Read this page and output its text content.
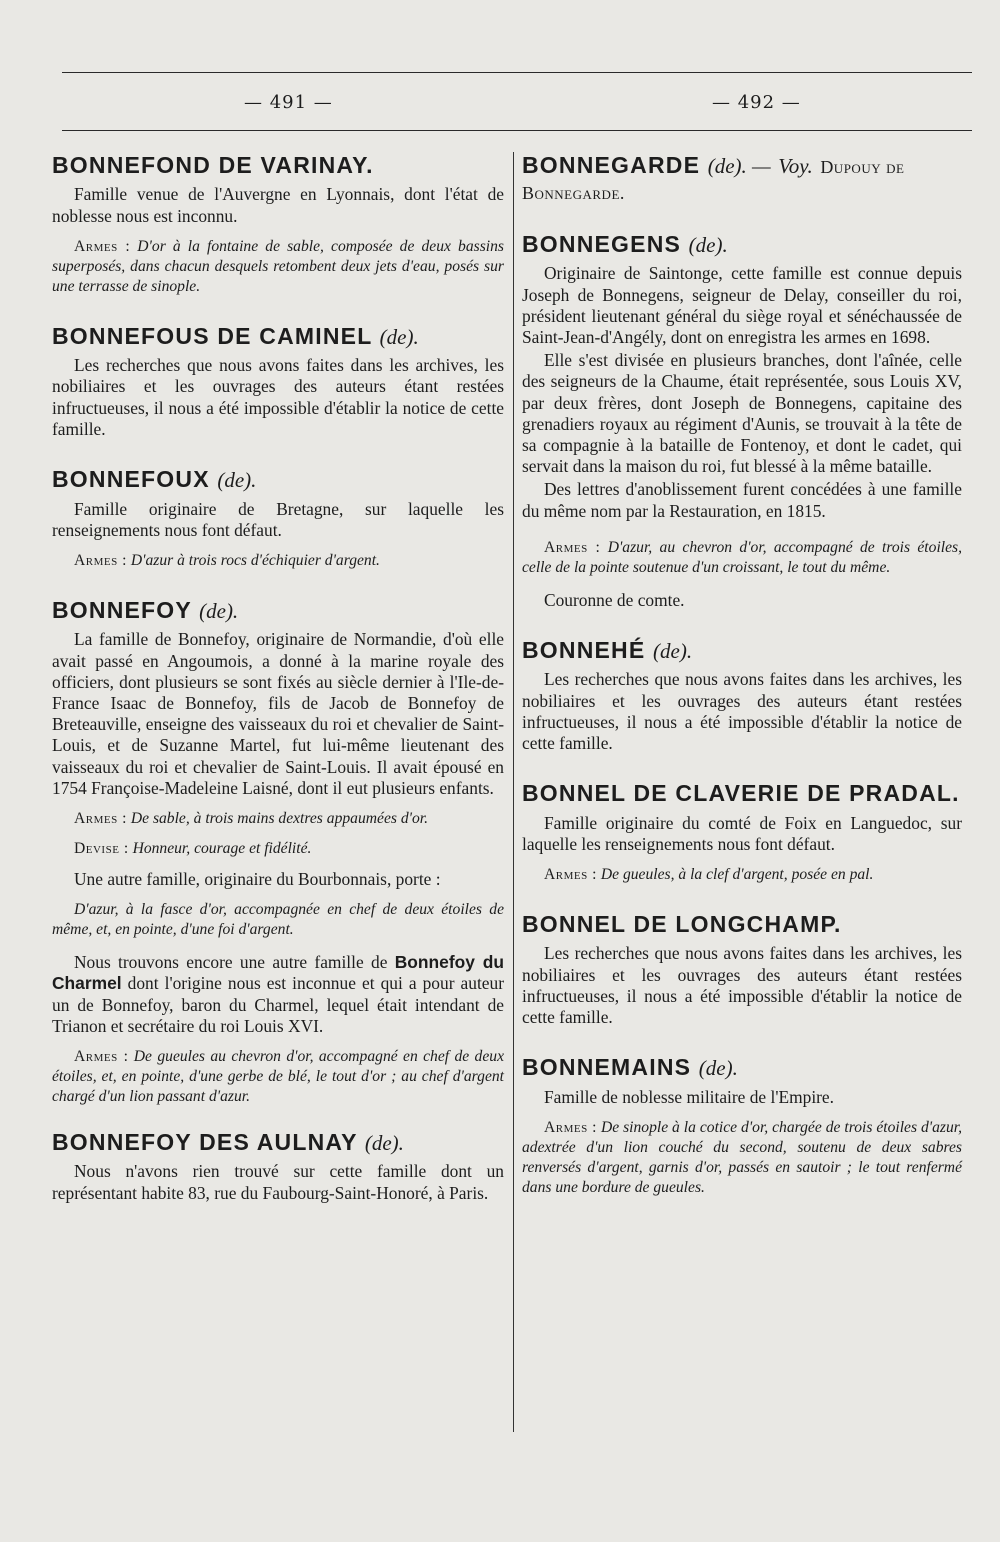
— 491 —	— 492 —
BONNEFOND DE VARINAY.
Famille venue de l'Auvergne en Lyonnais, dont l'état de noblesse nous est inconnu.
Armes : D'or à la fontaine de sable, composée de deux bassins superposés, dans chacun desquels retombent deux jets d'eau, posés sur une terrasse de sinople.
BONNEFOUS DE CAMINEL (de).
Les recherches que nous avons faites dans les archives, les nobiliaires et les ouvrages des auteurs étant restées infructueuses, il nous a été impossible d'établir la notice de cette famille.
BONNEFOUX (de).
Famille originaire de Bretagne, sur laquelle les renseignements nous font défaut.
Armes : D'azur à trois rocs d'échiquier d'argent.
BONNEFOY (de).
La famille de Bonnefoy, originaire de Normandie, d'où elle avait passé en Angoumois, a donné à la marine royale des officiers, dont plusieurs se sont fixés au siècle dernier à l'Ile-de-France Isaac de Bonnefoy, fils de Jacob de Bonnefoy de Breteauville, enseigne des vaisseaux du roi et chevalier de Saint-Louis, et de Suzanne Martel, fut lui-même lieutenant des vaisseaux du roi et chevalier de Saint-Louis. Il avait épousé en 1754 Françoise-Madeleine Laisné, dont il eut plusieurs enfants.
Armes : De sable, à trois mains dextres appaumées d'or.
Devise : Honneur, courage et fidélité.
Une autre famille, originaire du Bourbonnais, porte :
D'azur, à la fasce d'or, accompagnée en chef de deux étoiles de même, et, en pointe, d'une foi d'argent.
Nous trouvons encore une autre famille de Bonnefoy du Charmel dont l'origine nous est inconnue et qui a pour auteur un de Bonnefoy, baron du Charmel, lequel était intendant de Trianon et secrétaire du roi Louis XVI.
Armes : De gueules au chevron d'or, accompagné en chef de deux étoiles, et, en pointe, d'une gerbe de blé, le tout d'or ; au chef d'argent chargé d'un lion passant d'azur.
BONNEFOY DES AULNAY (de).
Nous n'avons rien trouvé sur cette famille dont un représentant habite 83, rue du Faubourg-Saint-Honoré, à Paris.
BONNEGARDE (de). — Voy. Dupouy de Bonnegarde.
BONNEGENS (de).
Originaire de Saintonge, cette famille est connue depuis Joseph de Bonnegens, seigneur de Delay, conseiller du roi, président lieutenant général du siège royal et sénéchaussée de Saint-Jean-d'Angély, dont on enregistra les armes en 1698.
Elle s'est divisée en plusieurs branches, dont l'aînée, celle des seigneurs de la Chaume, était représentée, sous Louis XV, par deux frères, dont Joseph de Bonnegens, capitaine des grenadiers royaux au régiment d'Aunis, se trouvait à la tête de sa compagnie à la bataille de Fontenoy, et dont le cadet, qui servait dans la maison du roi, fut blessé à la même bataille.
Des lettres d'anoblissement furent concédées à une famille du même nom par la Restauration, en 1815.
Armes : D'azur, au chevron d'or, accompagné de trois étoiles, celle de la pointe soutenue d'un croissant, le tout du même.
Couronne de comte.
BONNEHÉ (de).
Les recherches que nous avons faites dans les archives, les nobiliaires et les ouvrages des auteurs étant restées infructueuses, il nous a été impossible d'établir la notice de cette famille.
BONNEL DE CLAVERIE DE PRADAL.
Famille originaire du comté de Foix en Languedoc, sur laquelle les renseignements nous font défaut.
Armes : De gueules, à la clef d'argent, posée en pal.
BONNEL DE LONGCHAMP.
Les recherches que nous avons faites dans les archives, les nobiliaires et les ouvrages des auteurs étant restées infructueuses, il nous a été impossible d'établir la notice de cette famille.
BONNEMAINS (de).
Famille de noblesse militaire de l'Empire.
Armes : De sinople à la cotice d'or, chargée de trois étoiles d'azur, adextrée d'un lion couché du second, soutenu de deux sabres renversés d'argent, garnis d'or, passés en sautoir ; le tout renfermé dans une bordure de gueules.
